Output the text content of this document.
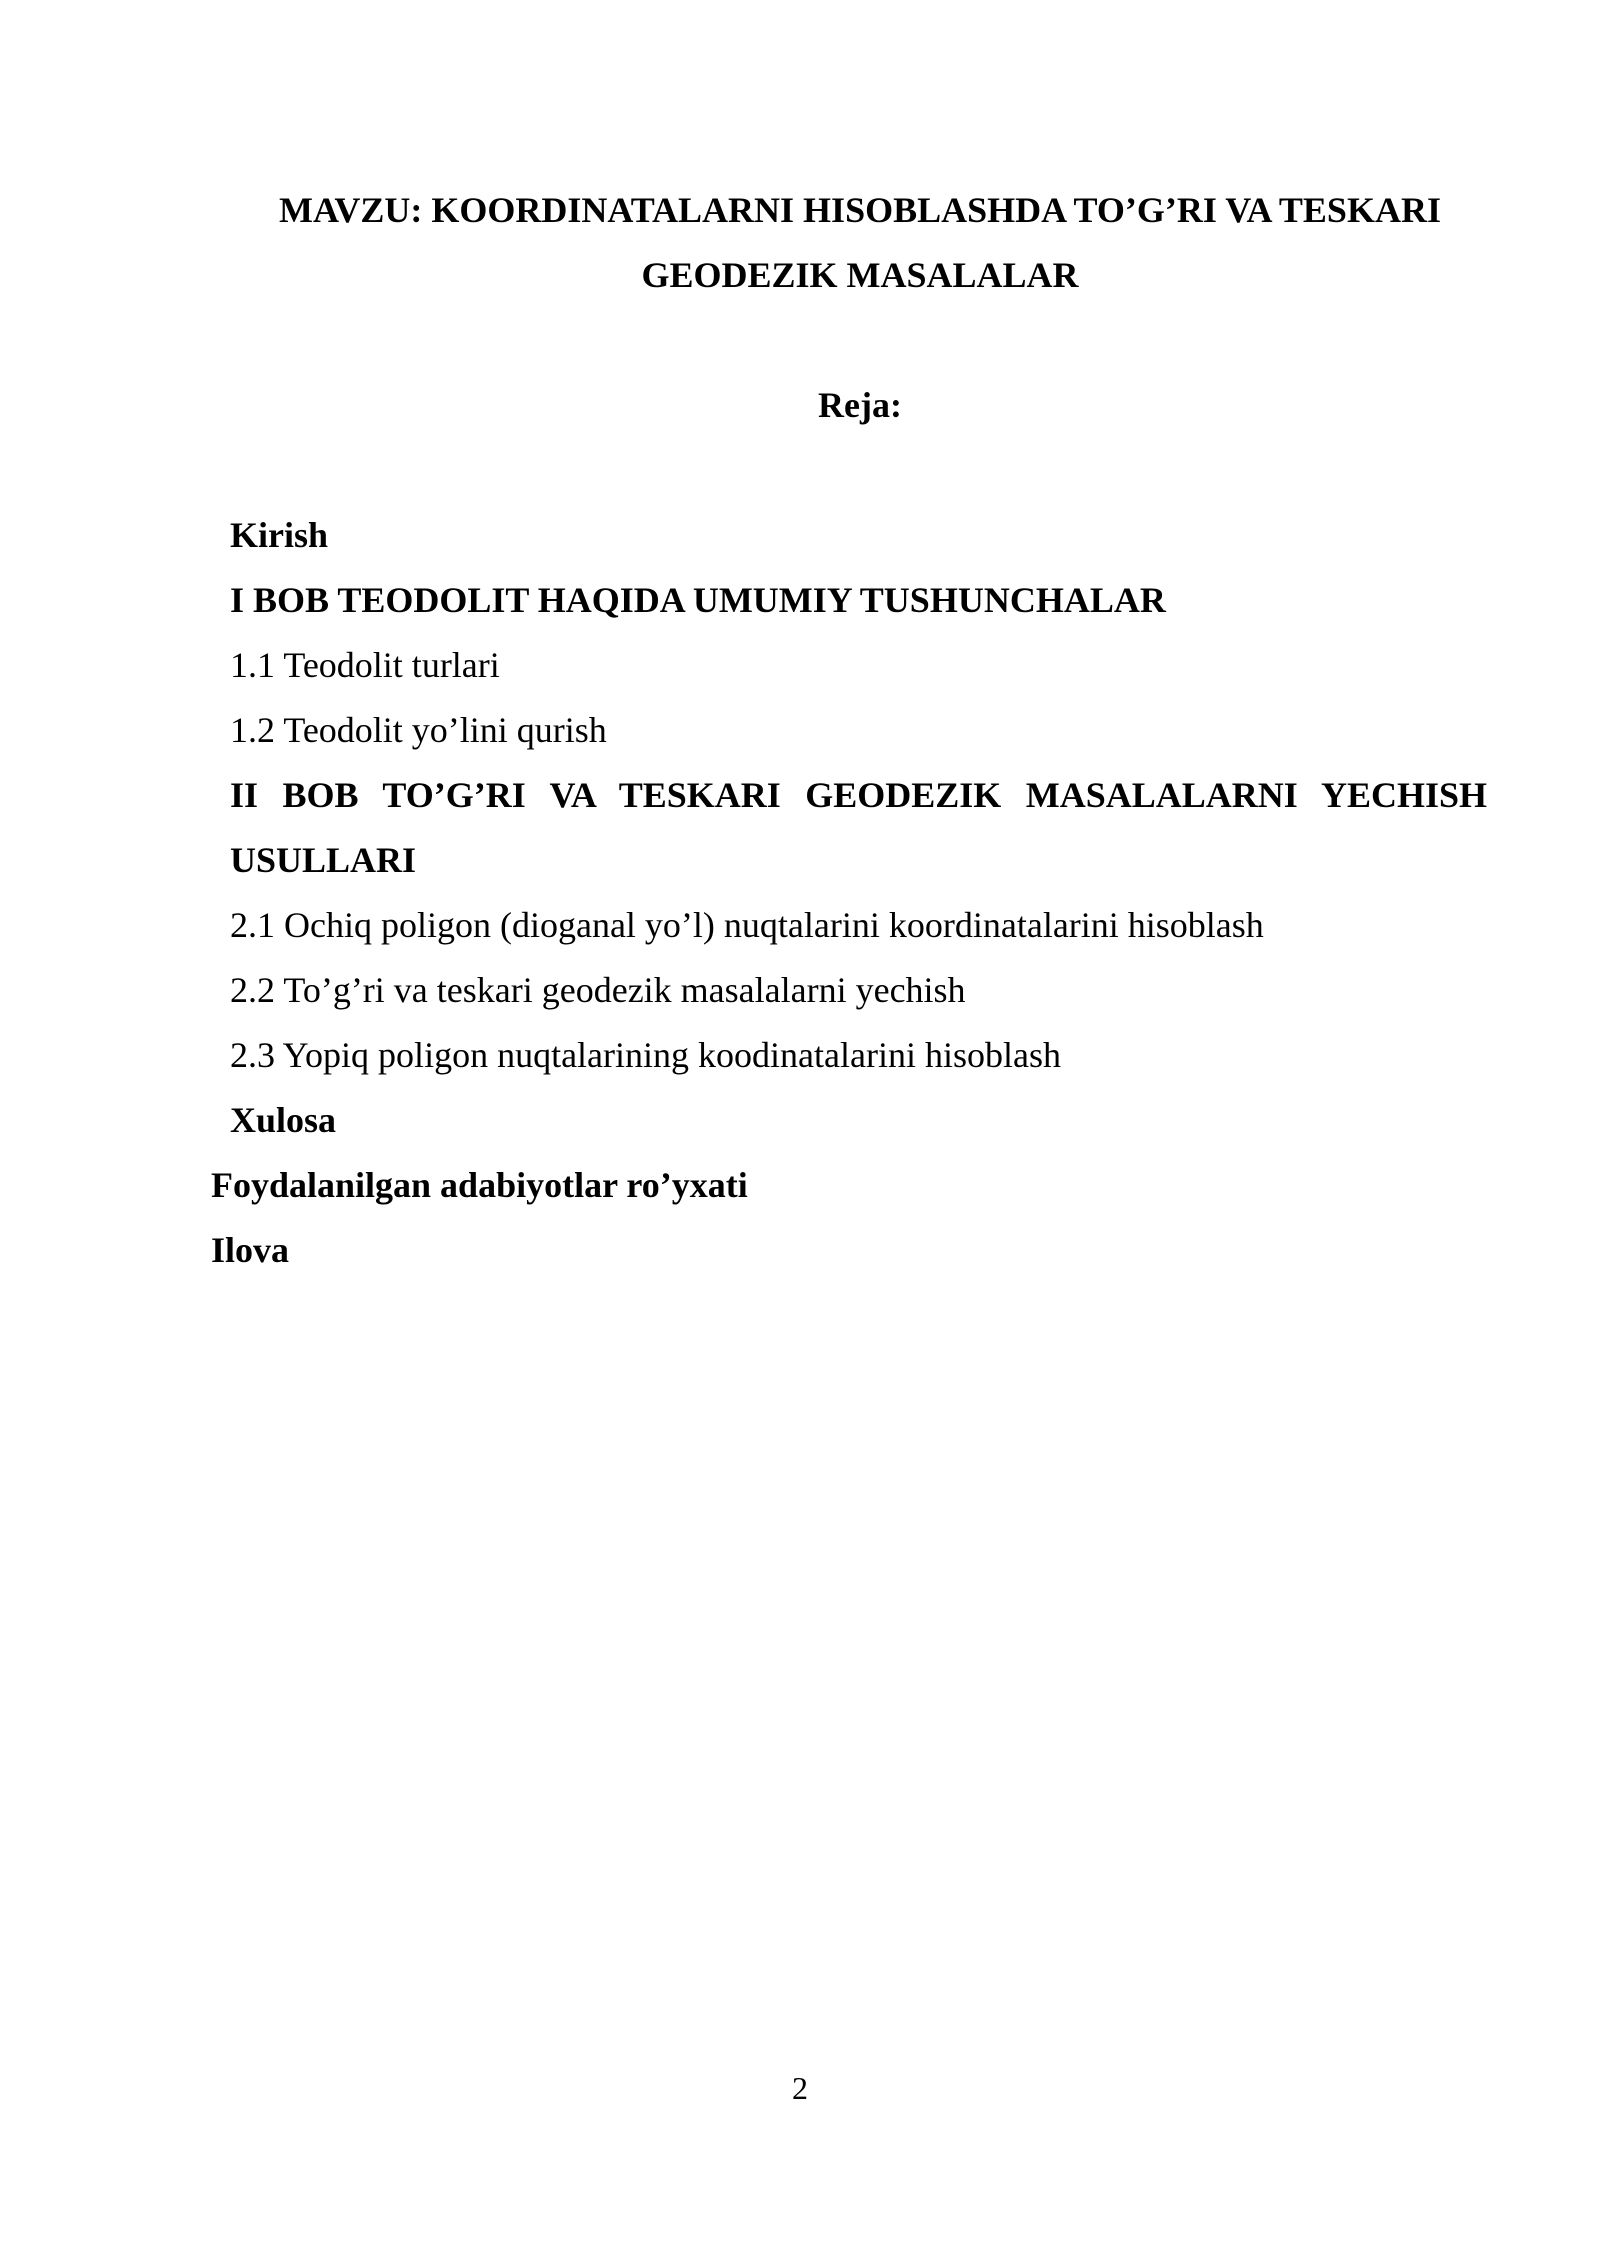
MAVZU: KOORDINATALARNI HISOBLASHDA TO’G’RI VA TESKARI
GEODEZIK MASALALAR
Reja:
Kirish
I BOB TEODOLIT HAQIDA UMUMIY TUSHUNCHALAR
1.1 Teodolit turlari
1.2 Teodolit yo’lini qurish
II BOB TO’G’RI VA TESKARI GEODEZIK MASALALARNI YECHISH
USULLARI
2.1 Ochiq poligon (dioganal yo’l) nuqtalarini koordinatalarini hisoblash
2.2 To’g’ri va teskari geodezik masalalarni yechish
2.3 Yopiq poligon nuqtalarining koodinatalarini hisoblash
Xulosa
Foydalanilgan adabiyotlar ro’yxati
Ilova
2
